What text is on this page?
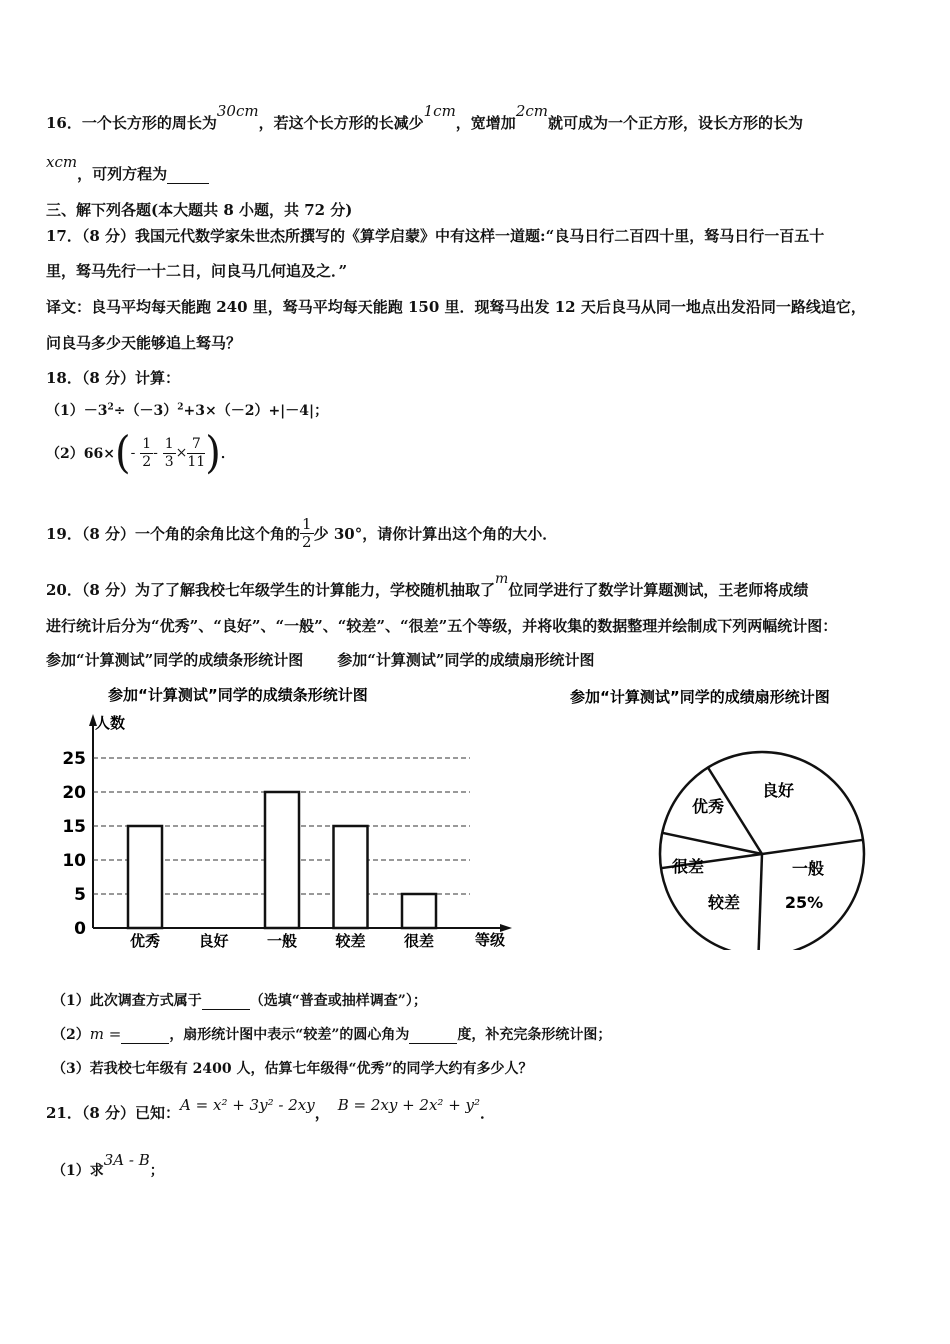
16．一个长方形的周长为30cm，若这个长方形的长减少1cm，宽增加2cm就可成为一个正方形，设长方形的长为
xcm，可列方程为
三、解下列各题(本大题共 8 小题，共 72 分)
17．（8 分）我国元代数学家朱世杰所撰写的《算学启蒙》中有这样一道题:“良马日行二百四十里，驽马日行一百五十
里，驽马先行一十二日，问良马几何追及之．”
译文：良马平均每天能跑 240 里，驽马平均每天能跑 150 里．现驽马出发 12 天后良马从同一地点出发沿同一路线追它，
问良马多少天能够追上驽马？
18．（8 分）计算：
$(1)-3^2\div(-3)^2+3\times(-2)+|-4|$；
$(2)66\times(- \frac{1}{2} - \frac{1}{3} \times \frac{7}{11}$ )．
19．（8 分）一个角的余角比这个角的 $\frac{1}{2}$ 少 30°，请你计算出这个角的大小．
20．（8 分）为了了解我校七年级学生的计算能力，学校随机抽取了m位同学进行了数学计算题测试，王老师将成绩
进行统计后分为“优秀”、“良好”、“一般”、“较差”、“很差”五个等级，并将收集的数据整理并绘制成下列两幅统计图：
参加“计算测试”同学的成绩条形统计图 参加“计算测试”同学的成绩扇形统计图
参加“计算测试”同学的成绩条形统计图
人数
等级
0
5
10
15
20
25
优秀	良好	一般	较差	很差
参加“计算测试”同学的成绩扇形统计图
优秀
良好
一般
较差
很差
25%
（1）此次调查方式属于	（选填“普查或抽样调查”）；
（2）m =	，扇形统计图中表示“较差”的圆心角为	度，补充完条形统计图；
（3）若我校七年级有 2400 人，估算七年级得“优秀”的同学大约有多少人？
21．（8 分）已知：A = x² + 3y² - 2xy， B = 2xy + 2x² + y²．
（1）求3A - B；
